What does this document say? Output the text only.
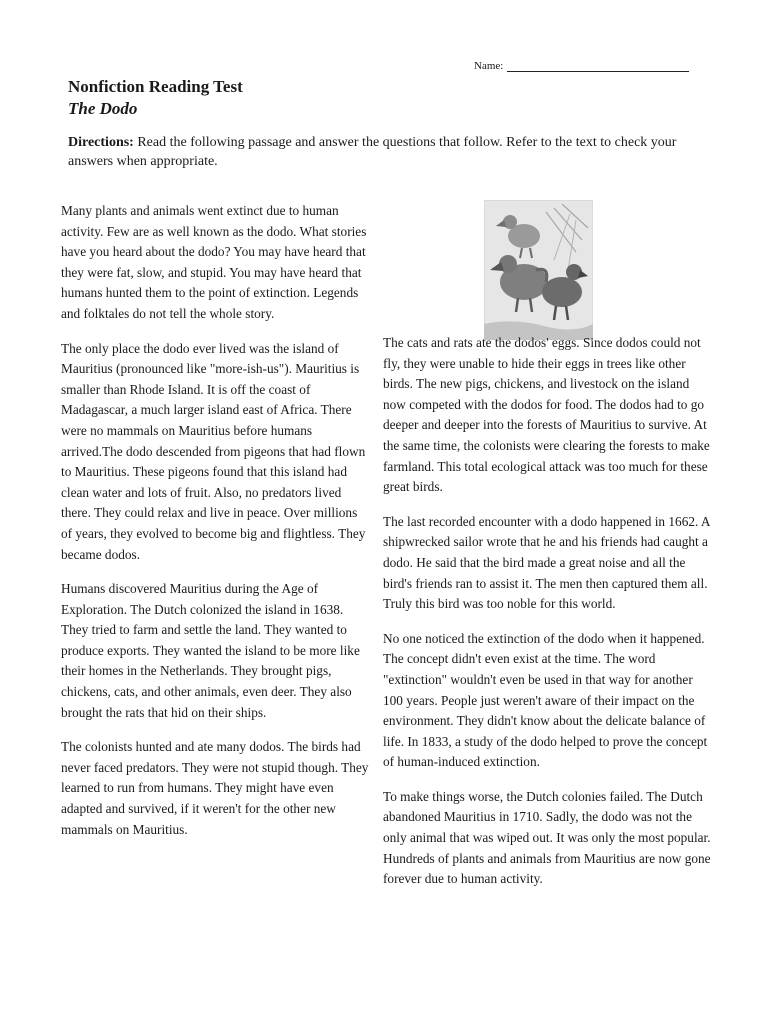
Name:
Nonfiction Reading Test
The Dodo
Directions: Read the following passage and answer the questions that follow. Refer to the text to check your answers when appropriate.

Many plants and animals went extinct due to human activity. Few are as well known as the dodo. What stories have you heard about the dodo? You may have heard that they were fat, slow, and stupid. You may have heard that humans hunted them to the point of extinction. Legends and folktales do not tell the whole story.

The only place the dodo ever lived was the island of Mauritius (pronounced like "more-ish-us"). Mauritius is smaller than Rhode Island. It is off the coast of Madagascar, a much larger island east of Africa. There were no mammals on Mauritius before humans arrived.The dodo descended from pigeons that had flown to Mauritius. These pigeons found that this island had clean water and lots of fruit. Also, no predators lived there. They could relax and live in peace. Over millions of years, they evolved to become big and flightless. They became dodos.

Humans discovered Mauritius during the Age of Exploration. The Dutch colonized the island in 1638. They tried to farm and settle the land. They wanted to produce exports. They wanted the island to be more like their homes in the Netherlands. They brought pigs, chickens, cats, and other animals, even deer. They also brought the rats that hid on their ships.

The colonists hunted and ate many dodos. The birds had never faced predators. They were not stupid though. They learned to run from humans. They might have even adapted and survived, if it weren't for the other new mammals on Mauritius.

The cats and rats ate the dodos' eggs. Since dodos could not fly, they were unable to hide their eggs in trees like other birds. The new pigs, chickens, and livestock on the island now competed with the dodos for food. The dodos had to go deeper and deeper into the forests of Mauritius to survive. At the same time, the colonists were clearing the forests to make farmland. This total ecological attack was too much for these great birds.

The last recorded encounter with a dodo happened in 1662. A shipwrecked sailor wrote that he and his friends had caught a dodo. He said that the bird made a great noise and all the bird's friends ran to assist it. The men then captured them all. Truly this bird was too noble for this world.

No one noticed the extinction of the dodo when it happened. The concept didn't even exist at the time. The word "extinction" wouldn't even be used in that way for another 100 years. People just weren't aware of their impact on the environment. They didn't know about the delicate balance of life. In 1833, a study of the dodo helped to prove the concept of human-induced extinction.

To make things worse, the Dutch colonies failed. The Dutch abandoned Mauritius in 1710. Sadly, the dodo was not the only animal that was wiped out. It was only the most popular. Hundreds of plants and animals from Mauritius are now gone forever due to human activity.
